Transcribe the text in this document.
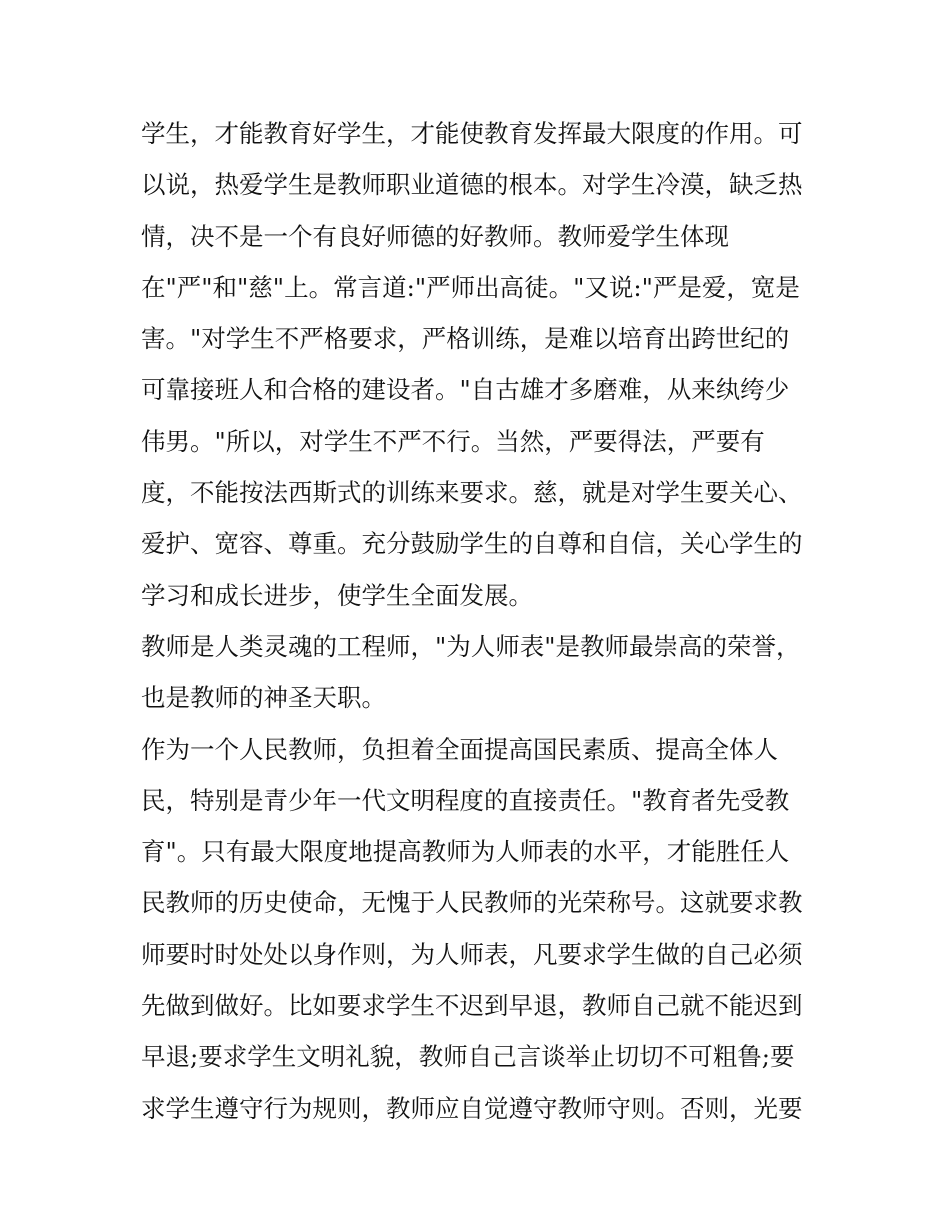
学生，才能教育好学生，才能使教育发挥最大限度的作用。可
以说，热爱学生是教师职业道德的根本。对学生冷漠，缺乏热
情，决不是一个有良好师德的好教师。教师爱学生体现
在"严"和"慈"上。常言道:"严师出高徒。"又说:"严是爱，宽是
害。"对学生不严格要求，严格训练，是难以培育出跨世纪的
可靠接班人和合格的建设者。"自古雄才多磨难，从来纨绔少
伟男。"所以，对学生不严不行。当然，严要得法，严要有
度，不能按法西斯式的训练来要求。慈，就是对学生要关心、
爱护、宽容、尊重。充分鼓励学生的自尊和自信，关心学生的
学习和成长进步，使学生全面发展。
教师是人类灵魂的工程师，"为人师表"是教师最崇高的荣誉，
也是教师的神圣天职。
作为一个人民教师，负担着全面提高国民素质、提高全体人
民，特别是青少年一代文明程度的直接责任。"教育者先受教
育"。只有最大限度地提高教师为人师表的水平，才能胜任人
民教师的历史使命，无愧于人民教师的光荣称号。这就要求教
师要时时处处以身作则，为人师表，凡要求学生做的自己必须
先做到做好。比如要求学生不迟到早退，教师自己就不能迟到
早退;要求学生文明礼貌，教师自己言谈举止切切不可粗鲁;要
求学生遵守行为规则，教师应自觉遵守教师守则。否则，光要
